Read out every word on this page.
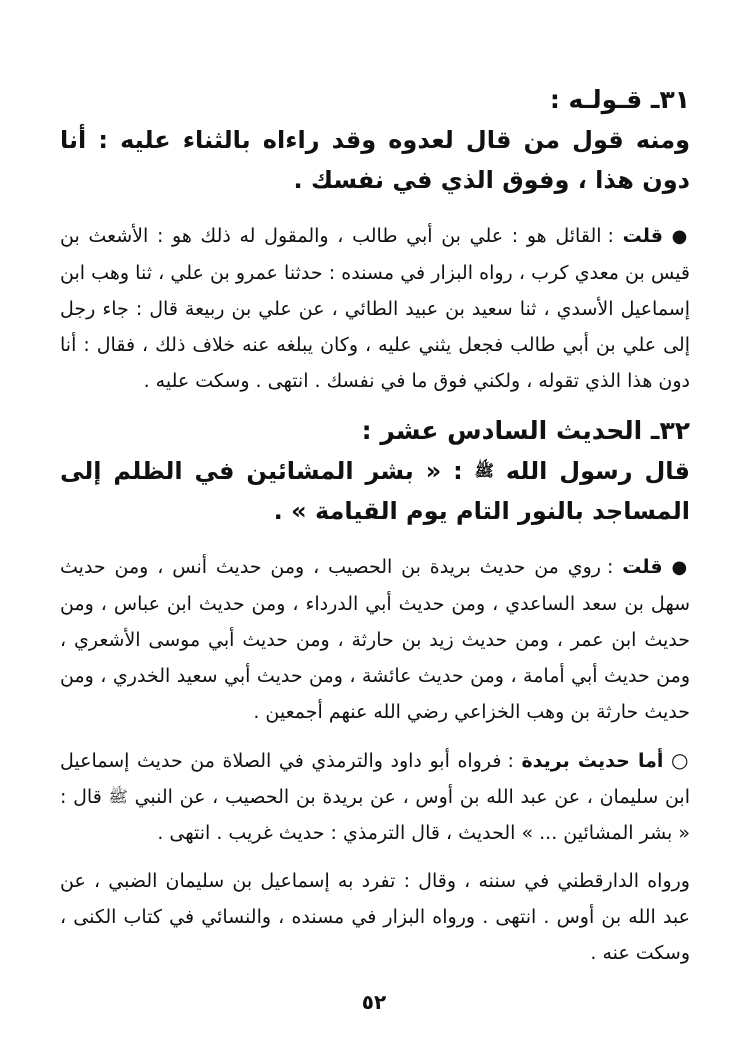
٣١ـ قـولـه :

ومنه قول من قال لعدوه وقد راءاه بالثناء عليه : أنا دون هذا ، وفوق الذي في نفسك .

● قلت : القائل هو : علي بن أبي طالب ، والمقول له ذلك هو : الأشعث بن قيس بن معدي كرب ، رواه البزار في مسنده : حدثنا عمرو بن علي ، ثنا وهب ابن إسماعيل الأسدي ، ثنا سعيد بن عبيد الطائي ، عن علي بن ربيعة قال : جاء رجل إلى علي بن أبي طالب فجعل يثني عليه ، وكان يبلغه عنه خلاف ذلك ، فقال : أنا دون هذا الذي تقوله ، ولكني فوق ما في نفسك . انتهى . وسكت عليه .

٣٢ـ الحديث السادس عشر :

قال رسول الله $^ﷺ$ : « بشر المشائين في الظلم إلى المساجد بالنور التام يوم القيامة » .

● قلت : روي من حديث بريدة بن الحصيب ، ومن حديث أنس ، ومن حديث سهل بن سعد الساعدي ، ومن حديث أبي الدرداء ، ومن حديث ابن عباس ، ومن حديث ابن عمر ، ومن حديث زيد بن حارثة ، ومن حديث أبي موسى الأشعري ، ومن حديث أبي أمامة ، ومن حديث عائشة ، ومن حديث أبي سعيد الخدري ، ومن حديث حارثة بن وهب الخزاعي رضي الله عنهم أجمعين .

○ أما حديث بريدة : فرواه أبو داود والترمذي في الصلاة من حديث إسماعيل ابن سليمان ، عن عبد الله بن أوس ، عن بريدة بن الحصيب ، عن النبي $^ﷺ$ قال : « بشر المشائين ... » الحديث ، قال الترمذي : حديث غريب . انتهى .

ورواه الدارقطني في سننه ، وقال : تفرد به إسماعيل بن سليمان الضبي ، عن عبد الله بن أوس . انتهى . ورواه البزار في مسنده ، والنسائي في كتاب الكنى ، وسكت عنه .

٥٢
